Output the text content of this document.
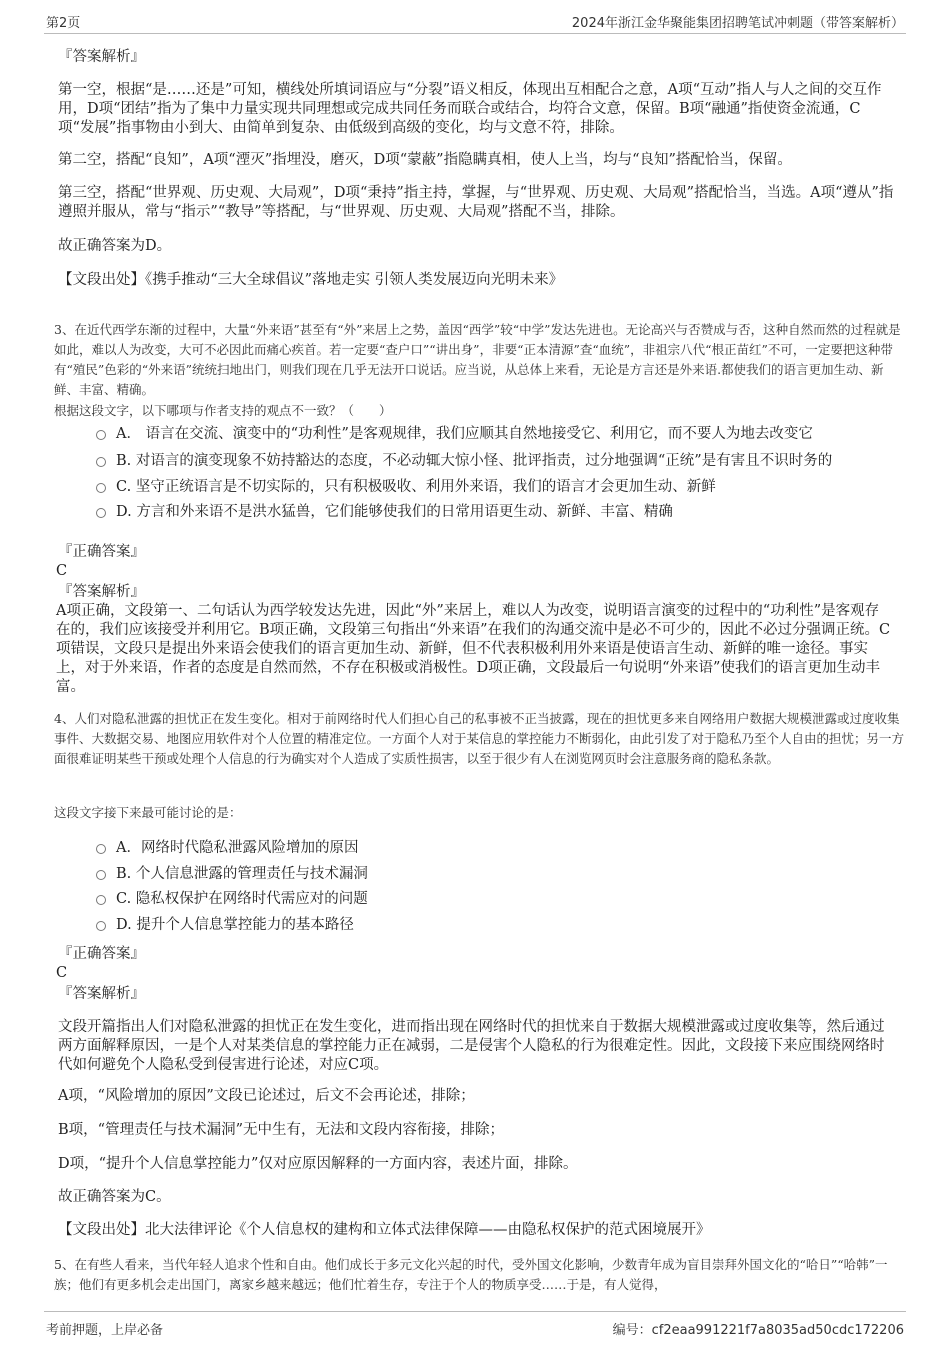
第2页	2024年浙江金华聚能集团招聘笔试冲刺题（带答案解析）
『答案解析』
第一空，根据“是……还是”可知，横线处所填词语应与“分裂”语义相反，体现出互相配合之意，A项“互动”指人与人之间的交互作用，D项“团结”指为了集中力量实现共同理想或完成共同任务而联合或结合，均符合文意，保留。B项“融通”指使资金流通，C项“发展”指事物由小到大、由简单到复杂、由低级到高级的变化，均与文意不符，排除。
第二空，搭配“良知”，A项“湮灭”指埋没，磨灭，D项“蒙蔽”指隐瞒真相，使人上当，均与“良知”搭配恰当，保留。
第三空，搭配“世界观、历史观、大局观”，D项“秉持”指主持，掌握，与“世界观、历史观、大局观”搭配恰当，当选。A项“遵从”指遵照并服从，常与“指示”“教导”等搭配，与“世界观、历史观、大局观”搭配不当，排除。
故正确答案为D。
【文段出处】《携手推动“三大全球倡议”落地走实 引领人类发展迈向光明未来》
3、在近代西学东渐的过程中，大量“外来语”甚至有“外”来居上之势，盖因“西学”较“中学”发达先进也。无论高兴与否赞成与否，这种自然而然的过程就是如此，难以人为改变，大可不必因此而痛心疾首。若一定要“查户口”“讲出身”，非要“正本清源”查“血统”，非祖宗八代“根正苗红”不可，一定要把这种带有“殖民”色彩的“外来语”统统扫地出门，则我们现在几乎无法开口说话。应当说，从总体上来看，无论是方言还是外来语.都使我们的语言更加生动、新鲜、丰富、精确。
根据这段文字，以下哪项与作者支持的观点不一致？（　　）
A． 语言在交流、演变中的“功利性”是客观规律，我们应顺其自然地接受它、利用它，而不要人为地去改变它
B. 对语言的演变现象不妨持豁达的态度，不必动辄大惊小怪、批评指责，过分地强调“正统”是有害且不识时务的
C. 坚守正统语言是不切实际的，只有积极吸收、利用外来语，我们的语言才会更加生动、新鲜
D. 方言和外来语不是洪水猛兽，它们能够使我们的日常用语更生动、新鲜、丰富、精确
『正确答案』
C
『答案解析』
A项正确，文段第一、二句话认为西学较发达先进，因此“外”来居上，难以人为改变，说明语言演变的过程中的“功利性”是客观存在的，我们应该接受并利用它。B项正确，文段第三句指出“外来语”在我们的沟通交流中是必不可少的，因此不必过分强调正统。C项错误，文段只是提出外来语会使我们的语言更加生动、新鲜，但不代表积极利用外来语是使语言生动、新鲜的唯一途径。事实上，对于外来语，作者的态度是自然而然，不存在积极或消极性。D项正确，文段最后一句说明“外来语”使我们的语言更加生动丰富。
4、人们对隐私泄露的担忧正在发生变化。相对于前网络时代人们担心自己的私事被不正当披露，现在的担忧更多来自网络用户数据大规模泄露或过度收集事件、大数据交易、地图应用软件对个人位置的精准定位。一方面个人对于某信息的掌控能力不断弱化，由此引发了对于隐私乃至个人自由的担忧；另一方面很难证明某些干预或处理个人信息的行为确实对个人造成了实质性损害，以至于很少有人在浏览网页时会注意服务商的隐私条款。
这段文字接下来最可能讨论的是：
A．网络时代隐私泄露风险增加的原因
B. 个人信息泄露的管理责任与技术漏洞
C. 隐私权保护在网络时代需应对的问题
D. 提升个人信息掌控能力的基本路径
『正确答案』
C
『答案解析』
文段开篇指出人们对隐私泄露的担忧正在发生变化，进而指出现在网络时代的担忧来自于数据大规模泄露或过度收集等，然后通过两方面解释原因，一是个人对某类信息的掌控能力正在减弱，二是侵害个人隐私的行为很难定性。因此，文段接下来应围绕网络时代如何避免个人隐私受到侵害进行论述，对应C项。
A项，“风险增加的原因”文段已论述过，后文不会再论述，排除；
B项，“管理责任与技术漏洞”无中生有，无法和文段内容衔接，排除；
D项，“提升个人信息掌控能力”仅对应原因解释的一方面内容，表述片面，排除。
故正确答案为C。
【文段出处】北大法律评论《个人信息权的建构和立体式法律保障——由隐私权保护的范式困境展开》
5、在有些人看来，当代年轻人追求个性和自由。他们成长于多元文化兴起的时代，受外国文化影响，少数青年成为盲目崇拜外国文化的“哈日”“哈韩”一族；他们有更多机会走出国门，离家乡越来越远；他们忙着生存，专注于个人的物质享受……于是，有人觉得，
考前押题，上岸必备	编号：cf2eaa991221f7a8035ad50cdc172206
